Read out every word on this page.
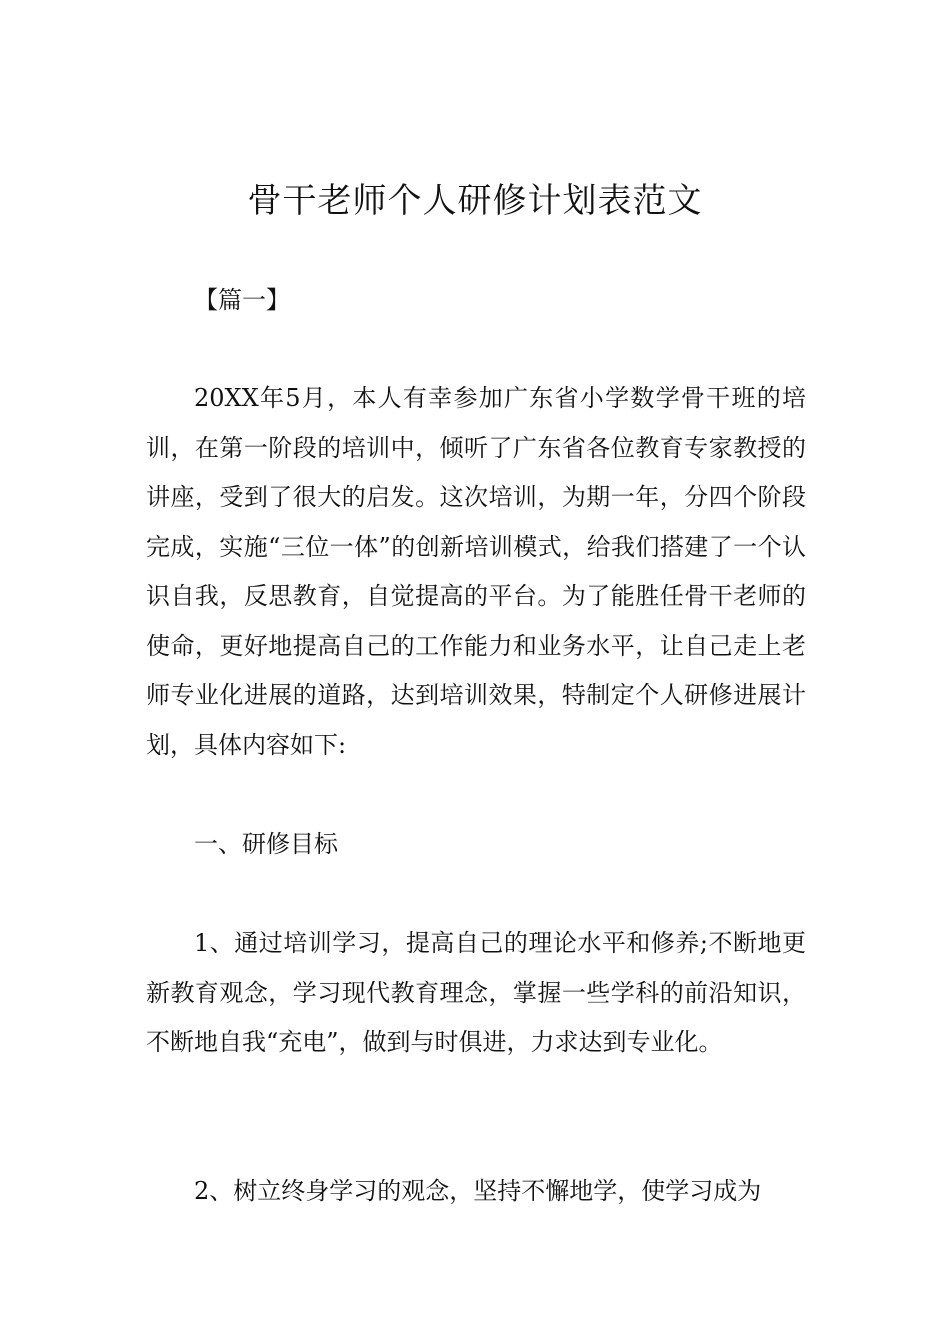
骨干老师个人研修计划表范文

【篇一】

20XX年5月，本人有幸参加广东省小学数学骨干班的培训，在第一阶段的培训中，倾听了广东省各位教育专家教授的讲座，受到了很大的启发。这次培训，为期一年，分四个阶段完成，实施“三位一体”的创新培训模式，给我们搭建了一个认识自我，反思教育，自觉提高的平台。为了能胜任骨干老师的使命，更好地提高自己的工作能力和业务水平，让自己走上老师专业化进展的道路，达到培训效果，特制定个人研修进展计划，具体内容如下:

一、研修目标

1、通过培训学习，提高自己的理论水平和修养;不断地更新教育观念，学习现代教育理念，掌握一些学科的前沿知识，不断地自我“充电”，做到与时俱进，力求达到专业化。

2、树立终身学习的观念，坚持不懈地学，使学习成为
